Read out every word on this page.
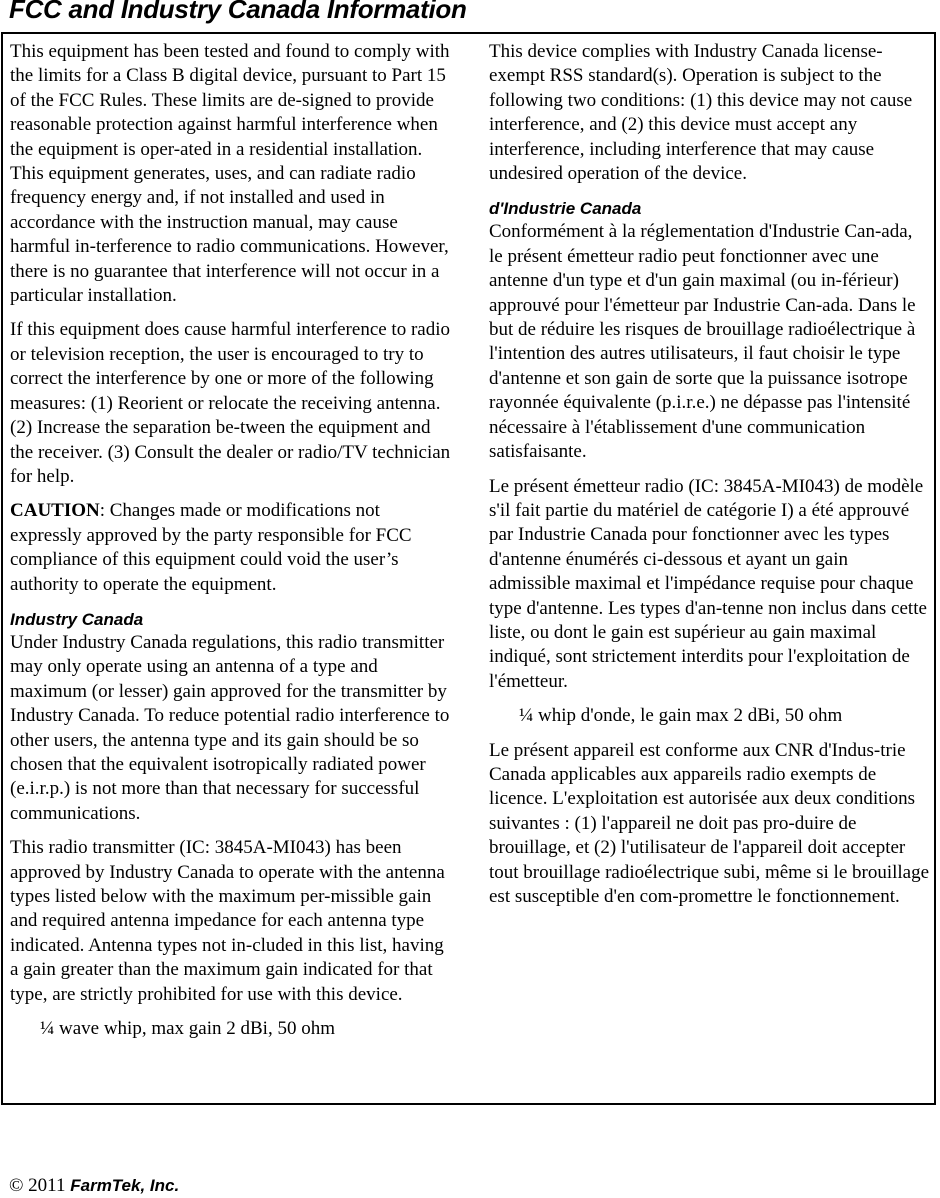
FCC and Industry Canada Information

This equipment has been tested and found to comply with the limits for a Class B digital device, pursuant to Part 15 of the FCC Rules. These limits are de-signed to provide reasonable protection against harmful interference when the equipment is oper-ated in a residential installation. This equipment generates, uses, and can radiate radio frequency energy and, if not installed and used in accordance with the instruction manual, may cause harmful in-terference to radio communications. However, there is no guarantee that interference will not occur in a particular installation.

If this equipment does cause harmful interference to radio or television reception, the user is encouraged to try to correct the interference by one or more of the following measures: (1) Reorient or relocate the receiving antenna. (2) Increase the separation be-tween the equipment and the receiver. (3) Consult the dealer or radio/TV technician for help.

CAUTION: Changes made or modifications not expressly approved by the party responsible for FCC compliance of this equipment could void the user’s authority to operate the equipment.

Industry Canada

Under Industry Canada regulations, this radio transmitter may only operate using an antenna of a type and maximum (or lesser) gain approved for the transmitter by Industry Canada. To reduce potential radio interference to other users, the antenna type and its gain should be so chosen that the equivalent isotropically radiated power (e.i.r.p.) is not more than that necessary for successful communications.

This radio transmitter (IC: 3845A-MI043) has been approved by Industry Canada to operate with the antenna types listed below with the maximum per-missible gain and required antenna impedance for each antenna type indicated. Antenna types not in-cluded in this list, having a gain greater than the maximum gain indicated for that type, are strictly prohibited for use with this device.

¼ wave whip, max gain 2 dBi, 50 ohm

This device complies with Industry Canada license-exempt RSS standard(s). Operation is subject to the following two conditions: (1) this device may not cause interference, and (2) this device must accept any interference, including interference that may cause undesired operation of the device.

d'Industrie Canada

Conformément à la réglementation d'Industrie Can-ada, le présent émetteur radio peut fonctionner avec une antenne d'un type et d'un gain maximal (ou in-férieur) approuvé pour l'émetteur par Industrie Can-ada. Dans le but de réduire les risques de brouillage radioélectrique à l'intention des autres utilisateurs, il faut choisir le type d'antenne et son gain de sorte que la puissance isotrope rayonnée équivalente (p.i.r.e.) ne dépasse pas l'intensité nécessaire à l'établissement d'une communication satisfaisante.

Le présent émetteur radio (IC: 3845A-MI043) de modèle s'il fait partie du matériel de catégorie I) a été approuvé par Industrie Canada pour fonctionner avec les types d'antenne énumérés ci-dessous et ayant un gain admissible maximal et l'impédance requise pour chaque type d'antenne. Les types d'an-tenne non inclus dans cette liste, ou dont le gain est supérieur au gain maximal indiqué, sont strictement interdits pour l'exploitation de l'émetteur.

¼ whip d'onde, le gain max 2 dBi, 50 ohm

Le présent appareil est conforme aux CNR d'Indus-trie Canada applicables aux appareils radio exempts de licence. L'exploitation est autorisée aux deux conditions suivantes : (1) l'appareil ne doit pas pro-duire de brouillage, et (2) l'utilisateur de l'appareil doit accepter tout brouillage radioélectrique subi, même si le brouillage est susceptible d'en com-promettre le fonctionnement.

© 2011 FarmTek, Inc.
